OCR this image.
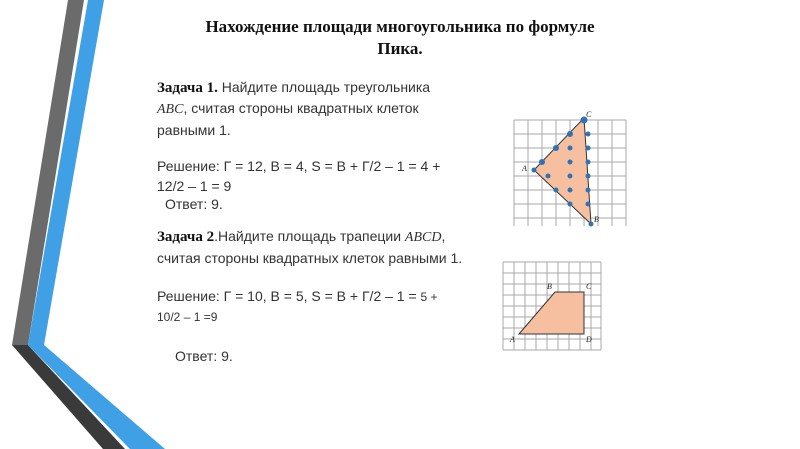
Нахождение площади многоугольника по формуле
Пика.
Задача 1. Найдите площадь треугольника
ABC, считая стороны квадратных клеток
равными 1.
Решение: Г = 12, В = 4, S = В + Г/2 – 1 = 4 +
12/2 – 1 = 9
Ответ: 9.
C
A
B
Задача 2.Найдите площадь трапеции ABCD,
считая стороны квадратных клеток равными 1.
Решение: Г = 10, В = 5, S = В + Г/2 – 1 = 5 +
10/2 – 1 =9
Ответ: 9.
B	C
A	D
